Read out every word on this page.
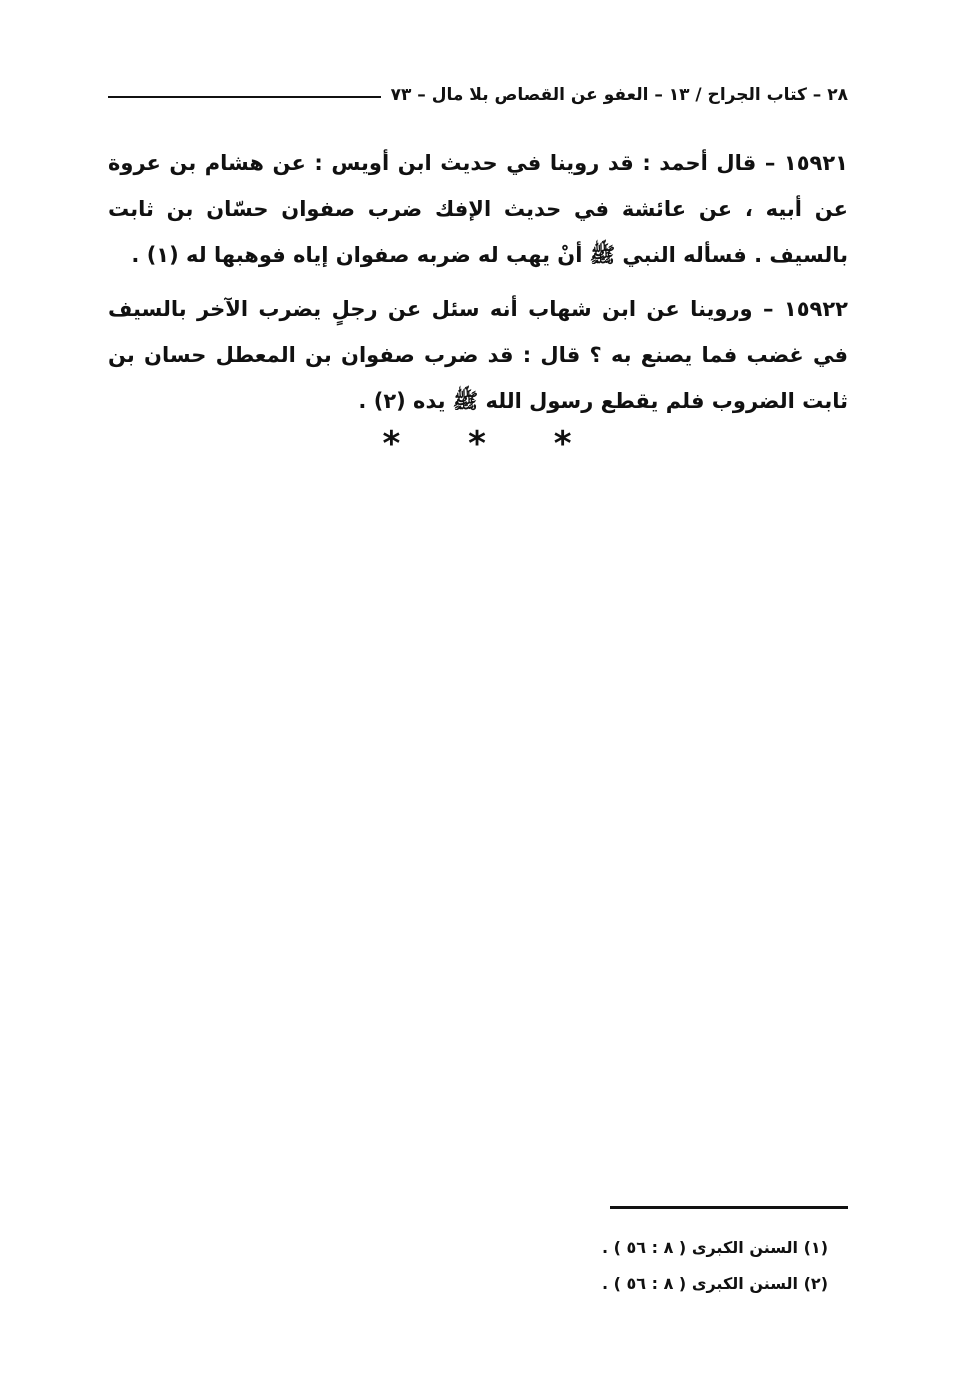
٢٨ – كتاب الجراح / ١٣ – العفو عن القصاص بلا مال – ٧٣

١٥٩٢١ – قال أحمد : قد روينا في حديث ابن أويس : عن هشام بن عروة عن أبيه ، عن عائشة في حديث الإفك ضرب صفوان حسّان بن ثابت بالسيف . فسأله النبي ﷺ أنْ يهب له ضربه صفوان إياه فوهبها له (١) .

١٥٩٢٢ – وروينا عن ابن شهاب أنه سئل عن رجلٍ يضرب الآخر بالسيف في غضب فما يصنع به ؟ قال : قد ضرب صفوان بن المعطل حسان بن ثابت الضروب فلم يقطع رسول الله ﷺ يده (٢) .

* * *

(١) السنن الكبرى ( ٨ : ٥٦ ) .

(٢) السنن الكبرى ( ٨ : ٥٦ ) .
